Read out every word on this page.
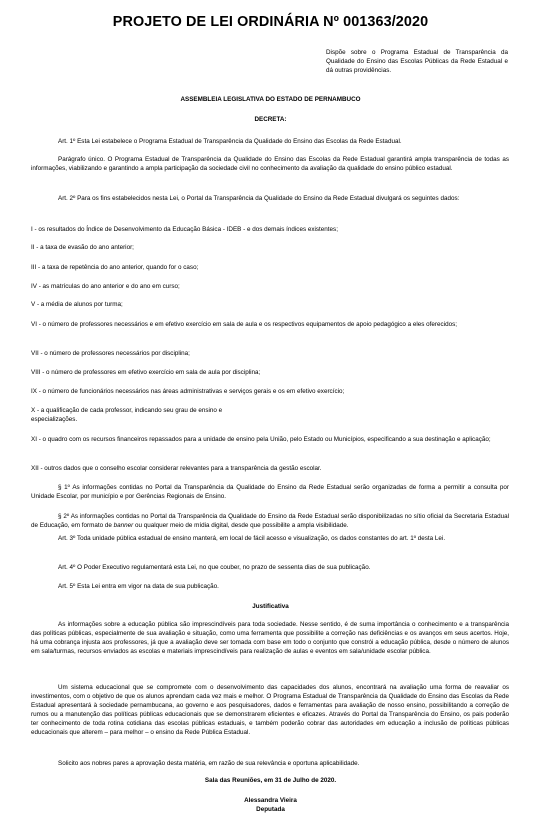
PROJETO DE LEI ORDINÁRIA Nº 001363/2020
Dispõe sobre o Programa Estadual de Transparência da Qualidade do Ensino das Escolas Públicas da Rede Estadual e dá outras providências.
ASSEMBLEIA LEGISLATIVA DO ESTADO DE PERNAMBUCO
DECRETA:
Art. 1º Esta Lei estabelece o Programa Estadual de Transparência da Qualidade do Ensino das Escolas da Rede Estadual.
Parágrafo único. O Programa Estadual de Transparência da Qualidade do Ensino das Escolas da Rede Estadual garantirá ampla transparência de todas as informações, viabilizando e garantindo a ampla participação da sociedade civil no conhecimento da avaliação da qualidade do ensino público estadual.
Art. 2º Para os fins estabelecidos nesta Lei, o Portal da Transparência da Qualidade do Ensino da Rede Estadual divulgará os seguintes dados:
I - os resultados do Índice de Desenvolvimento da Educação Básica - IDEB - e dos demais índices existentes;
II - a taxa de evasão do ano anterior;
III - a taxa de repetência do ano anterior, quando for o caso;
IV - as matrículas do ano anterior e do ano em curso;
V - a média de alunos por turma;
VI - o número de professores necessários e em efetivo exercício em sala de aula e os respectivos equipamentos de apoio pedagógico a eles oferecidos;
VII - o número de professores necessários por disciplina;
VIII - o número de professores em efetivo exercício em sala de aula por disciplina;
IX - o número de funcionários necessários nas áreas administrativas e serviços gerais e os em efetivo exercício;
X - a qualificação de cada professor, indicando seu grau de ensino e
especializações.
XI - o quadro com os recursos financeiros repassados para a unidade de ensino pela União, pelo Estado ou Municípios, especificando a sua destinação e aplicação;
XII - outros dados que o conselho escolar considerar relevantes para a transparência da gestão escolar.
§ 1º As informações contidas no Portal da Transparência da Qualidade do Ensino da Rede Estadual serão organizadas de forma a permitir a consulta por Unidade Escolar, por município e por Gerências Regionais de Ensino.
§ 2º As informações contidas no Portal da Transparência da Qualidade do Ensino da Rede Estadual serão disponibilizadas no sítio oficial da Secretaria Estadual de Educação, em formato de banner ou qualquer meio de mídia digital, desde que possibilite a ampla visibilidade.
Art. 3º Toda unidade pública estadual de ensino manterá, em local de fácil acesso e visualização, os dados constantes do art. 1º desta Lei.
Art. 4º O Poder Executivo regulamentará esta Lei, no que couber, no prazo de sessenta dias de sua publicação.
Art. 5º Esta Lei entra em vigor na data de sua publicação.
Justificativa
As informações sobre a educação pública são imprescindíveis para toda sociedade. Nesse sentido, é de suma importância o conhecimento e a transparência das políticas públicas, especialmente de sua avaliação e situação, como uma ferramenta que possibilite a correção nas deficiências e os avanços em seus acertos. Hoje, há uma cobrança injusta aos professores, já que a avaliação deve ser tomada com base em todo o conjunto que constrói a educação pública, desde o número de alunos em sala/turmas, recursos enviados as escolas e materiais imprescindíveis para realização de aulas e eventos em sala/unidade escolar pública.
Um sistema educacional que se compromete com o desenvolvimento das capacidades dos alunos, encontrará na avaliação uma forma de reavaliar os investimentos, com o objetivo de que os alunos aprendam cada vez mais e melhor. O Programa Estadual de Transparência da Qualidade do Ensino das Escolas da Rede Estadual apresentará à sociedade pernambucana, ao governo e aos pesquisadores, dados e ferramentas para avaliação de nosso ensino, possibilitando a correção de rumos ou a manutenção das políticas públicas educacionais que se demonstrarem eficientes e eficazes. Através do Portal da Transparência do Ensino, os pais poderão ter conhecimento de toda rotina cotidiana das escolas públicas estaduais, e também poderão cobrar das autoridades em educação a inclusão de políticas públicas educacionais que alterem – para melhor – o ensino da Rede Pública Estadual.
Solicito aos nobres pares a aprovação desta matéria, em razão de sua relevância e oportuna aplicabilidade.
Sala das Reuniões, em 31 de Julho de 2020.
Alessandra Vieira
Deputada
